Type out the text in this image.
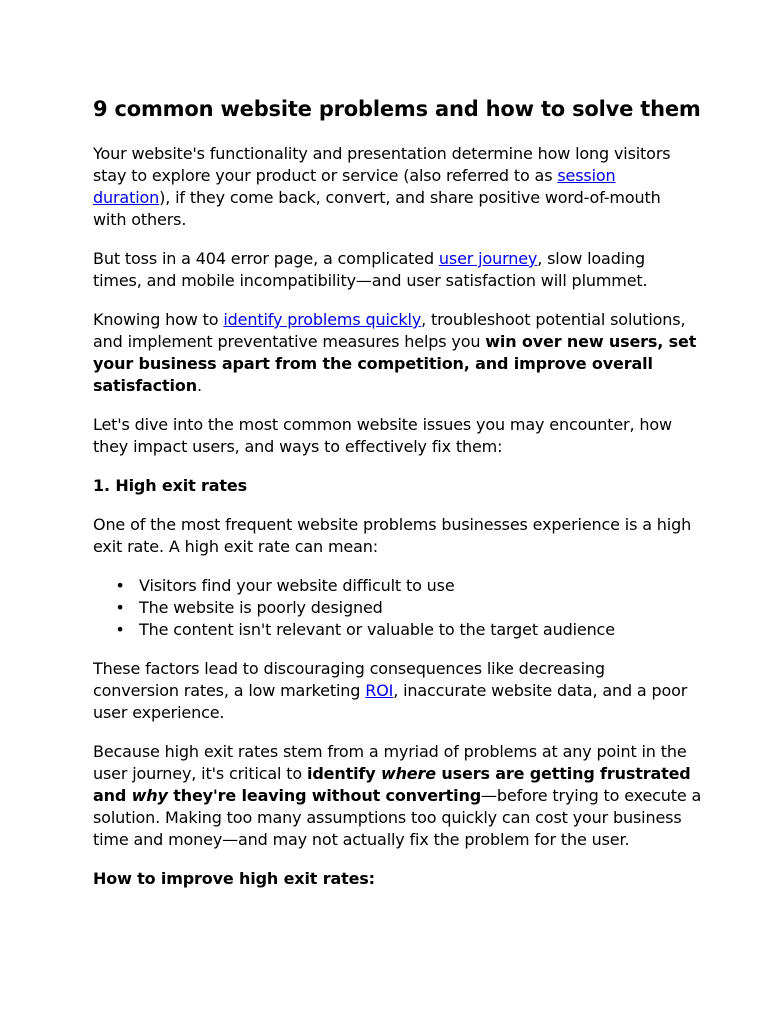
9 common website problems and how to solve them

Your website's functionality and presentation determine how long visitors
stay to explore your product or service (also referred to as session
duration), if they come back, convert, and share positive word-of-mouth
with others.

But toss in a 404 error page, a complicated user journey, slow loading
times, and mobile incompatibility—and user satisfaction will plummet.

Knowing how to identify problems quickly, troubleshoot potential solutions,
and implement preventative measures helps you win over new users, set
your business apart from the competition, and improve overall
satisfaction.

Let's dive into the most common website issues you may encounter, how
they impact users, and ways to effectively fix them:

1. High exit rates

One of the most frequent website problems businesses experience is a high
exit rate. A high exit rate can mean:

• Visitors find your website difficult to use
• The website is poorly designed
• The content isn't relevant or valuable to the target audience

These factors lead to discouraging consequences like decreasing
conversion rates, a low marketing ROI, inaccurate website data, and a poor
user experience.

Because high exit rates stem from a myriad of problems at any point in the
user journey, it's critical to identify where users are getting frustrated
and why they're leaving without converting—before trying to execute a
solution. Making too many assumptions too quickly can cost your business
time and money—and may not actually fix the problem for the user.

How to improve high exit rates:
